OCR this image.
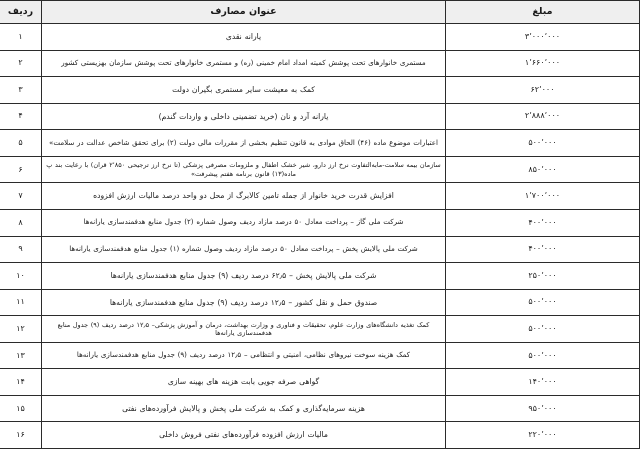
مبلغ	عنوان مصارف	ردیف
۳٬۰۰۰٬۰۰۰	یارانه نقدی	۱
۱٬۶۶۰٬۰۰۰	مستمری خانوارهای تحت پوشش کمیته امداد امام خمینی (ره) و مستمری خانوارهای تحت پوشش سازمان بهزیستی کشور	۲
۶۲٬۰۰۰	کمک به معیشت سایر مستمری بگیران دولت	۳
۲٬۸۸۸٬۰۰۰	یارانه آرد و نان (خرید تضمینی داخلی و واردات گندم)	۴
۵۰۰٬۰۰۰	اعتبارات موضوع ماده (۴۶) الحاق موادی به قانون تنظیم بخشی از مقررات مالی دولت (۲) برای تحقق شاخص عدالت در سلامت»	۵
۸۵۰٬۰۰۰	سازمان بیمه سلامت-مابه‌التفاوت نرخ ارز دارو، شیر خشک اطفال و ملزومات مصرفی پزشکی (تا نرخ ارز ترجیحی ۲٬۸۵۰ قران) با رعایت بند پ ماده(۱۳) قانون برنامه هفتم پیشرفت»	۶
۱٬۷۰۰٬۰۰۰	افزایش قدرت خرید خانوار از جمله تامین کالابرگ از محل دو واحد درصد مالیات ارزش افزوده	۷
۴۰۰٬۰۰۰	شرکت ملی گاز – پرداخت معادل ۵۰ درصد مازاد ردیف وصول شماره (۲) جدول منابع هدفمندسازی یارانه‌ها	۸
۴۰۰٬۰۰۰	شرکت ملی پالایش پخش – پرداخت معادل ۵۰ درصد مازاد ردیف وصول شماره (۱) جدول منابع هدفمندسازی یارانه‌ها	۹
۲۵۰٬۰۰۰	شرکت ملی پالایش پخش – ۶۲٫۵ درصد ردیف (۹) جدول منابع هدفمندسازی یارانه‌ها	۱۰
۵۰۰٬۰۰۰	صندوق حمل و نقل کشور – ۱۲٫۵ درصد ردیف (۹) جدول منابع هدفمندسازی یارانه‌ها	۱۱
۵۰۰٬۰۰۰	کمک تغذیه دانشگاه‌های وزارت علوم، تحقیقات و فناوری و وزارت بهداشت، درمان و آموزش پزشکی– ۱۲٫۵ درصد ردیف (۹) جدول منابع هدفمندسازی یارانه‌ها	۱۲
۵۰۰٬۰۰۰	کمک هزینه سوخت نیروهای نظامی، امنیتی و انتظامی – ۱۲٫۵ درصد ردیف (۹) جدول منابع هدفمندسازی یارانه‌ها	۱۳
۱۴۰٬۰۰۰	گواهی صرفه جویی بابت هزینه های بهینه سازی	۱۴
۹۵۰٬۰۰۰	هزینه سرمایه‌گذاری و کمک به شرکت ملی پخش و پالایش فرآورده‌های نفتی	۱۵
۲۲۰٬۰۰۰	مالیات ارزش افزوده فرآورده‌های نفتی فروش داخلی	۱۶
